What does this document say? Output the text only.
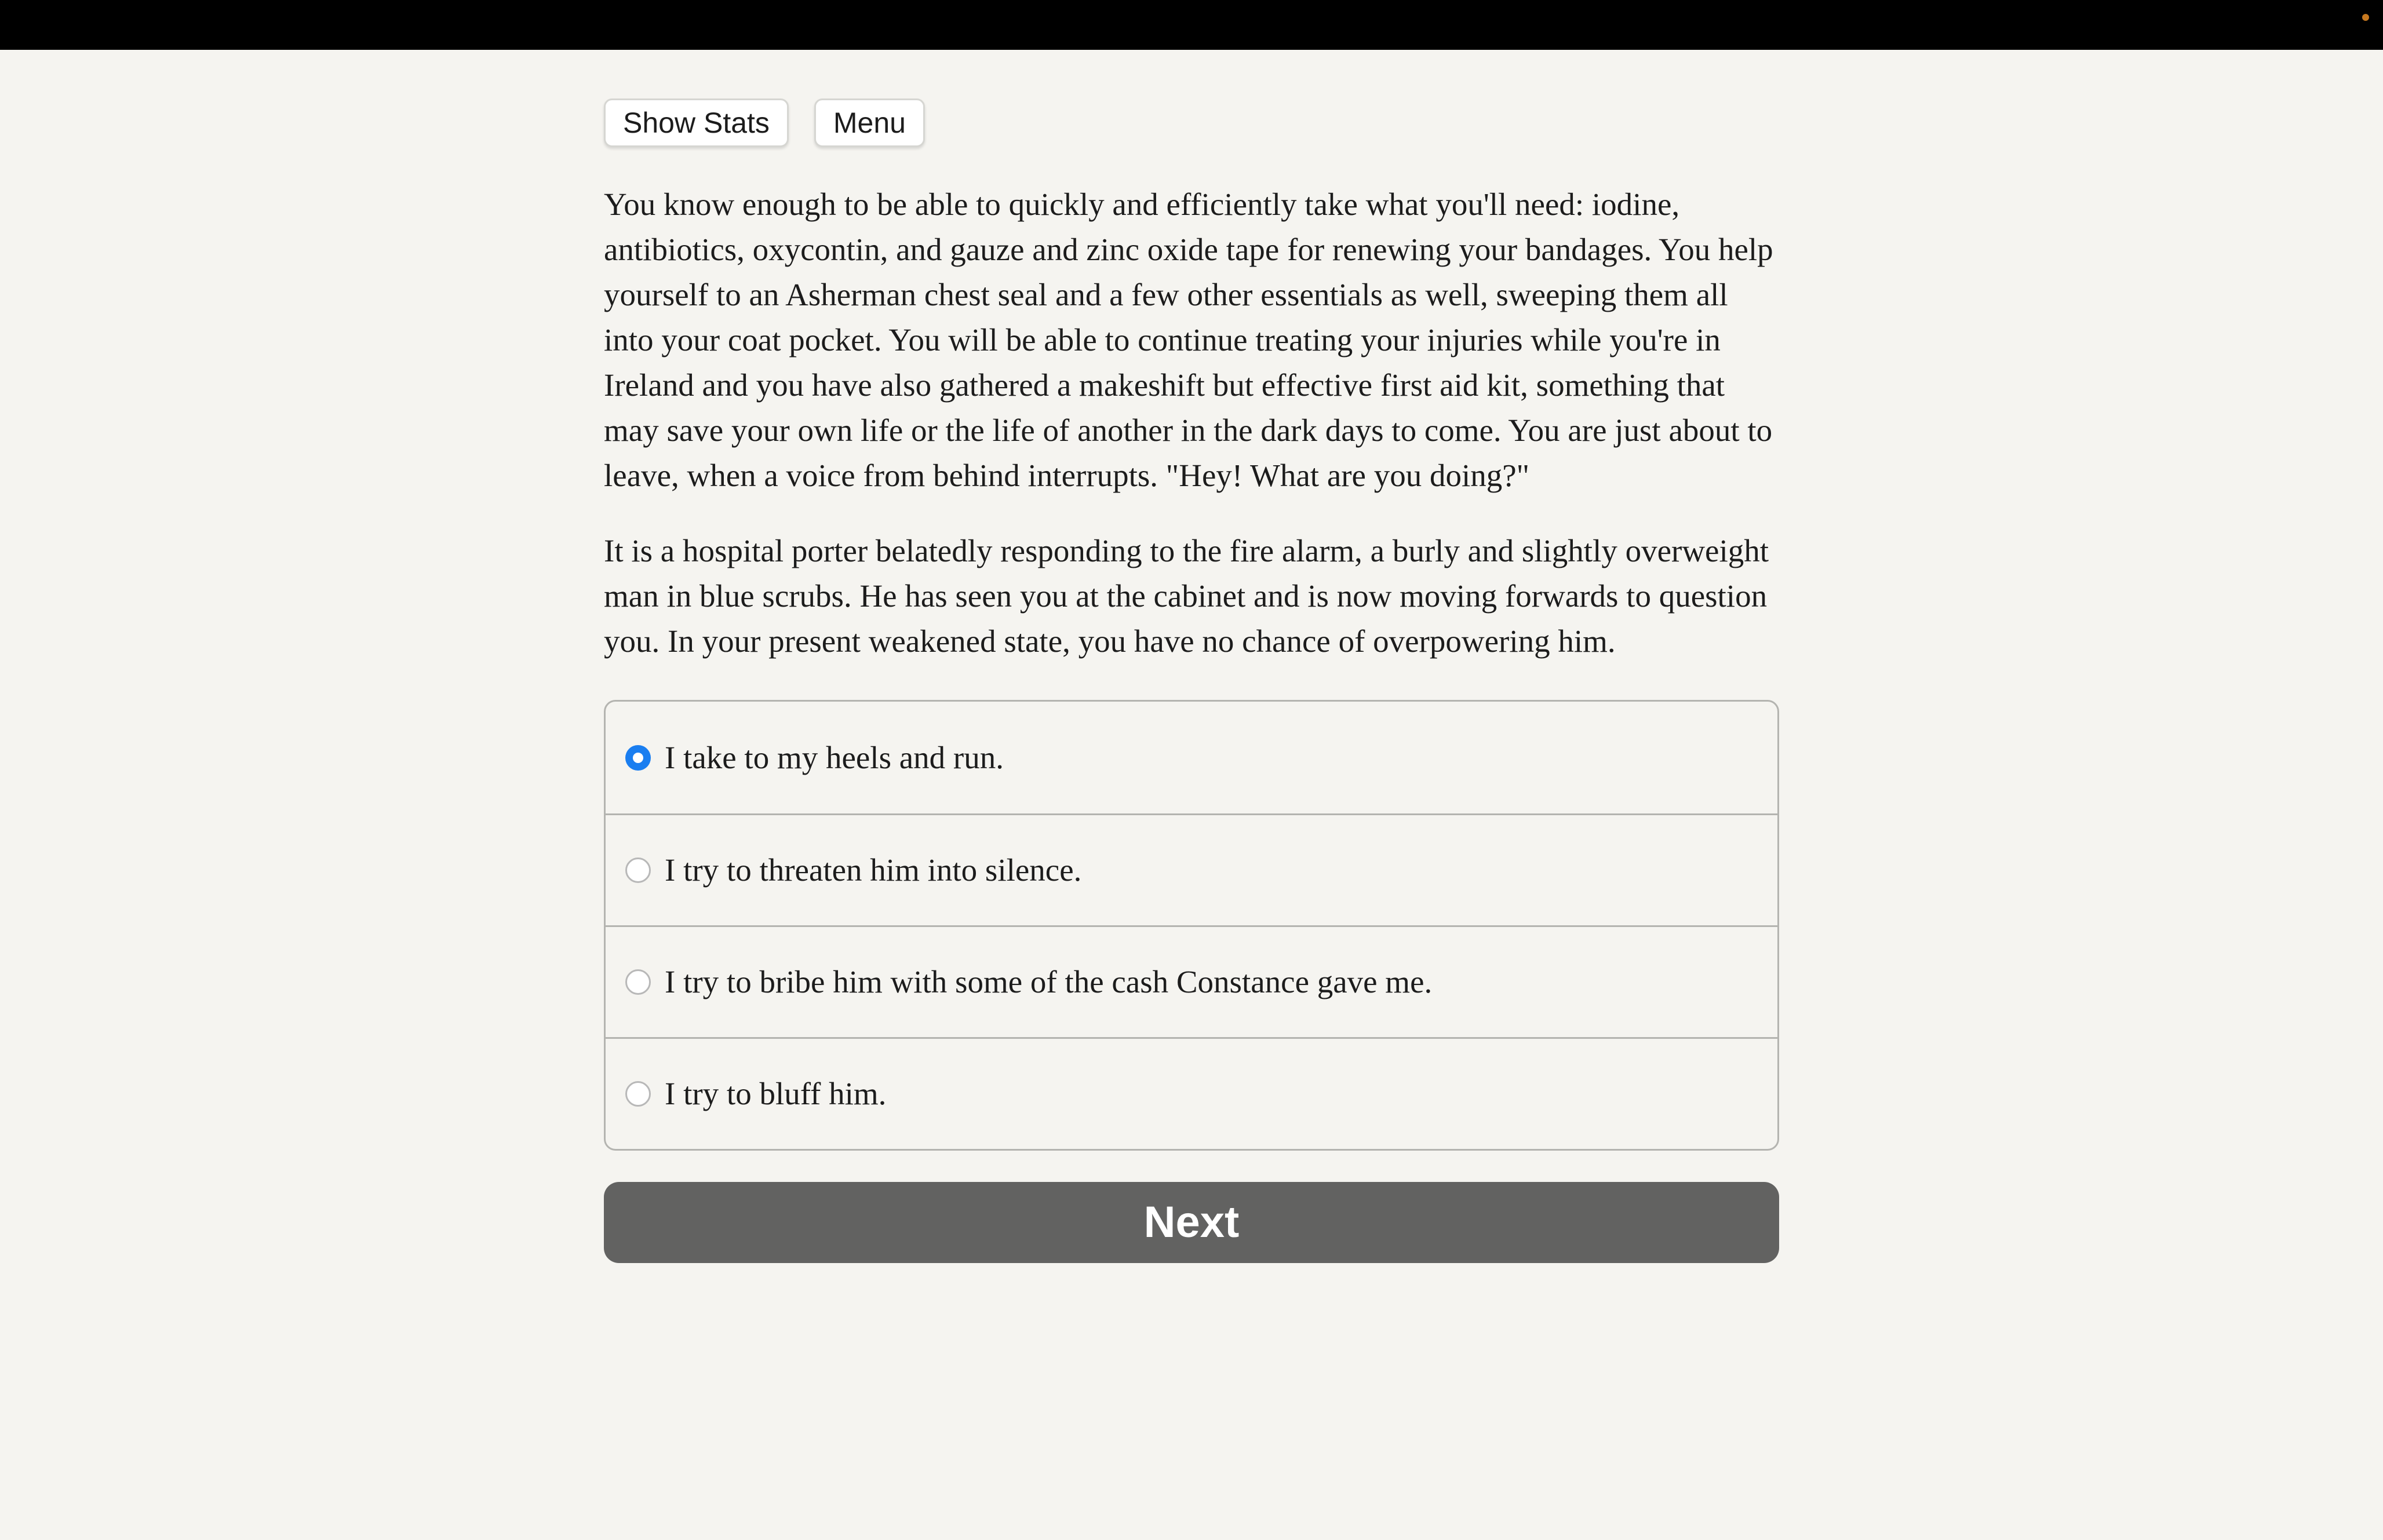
Show Stats	Menu

You know enough to be able to quickly and efficiently take what you'll need: iodine, antibiotics, oxycontin, and gauze and zinc oxide tape for renewing your bandages. You help yourself to an Asherman chest seal and a few other essentials as well, sweeping them all into your coat pocket. You will be able to continue treating your injuries while you're in Ireland and you have also gathered a makeshift but effective first aid kit, something that may save your own life or the life of another in the dark days to come. You are just about to leave, when a voice from behind interrupts. "Hey! What are you doing?"

It is a hospital porter belatedly responding to the fire alarm, a burly and slightly overweight man in blue scrubs. He has seen you at the cabinet and is now moving forwards to question you. In your present weakened state, you have no chance of overpowering him.

I take to my heels and run.
I try to threaten him into silence.
I try to bribe him with some of the cash Constance gave me.
I try to bluff him.
Next
